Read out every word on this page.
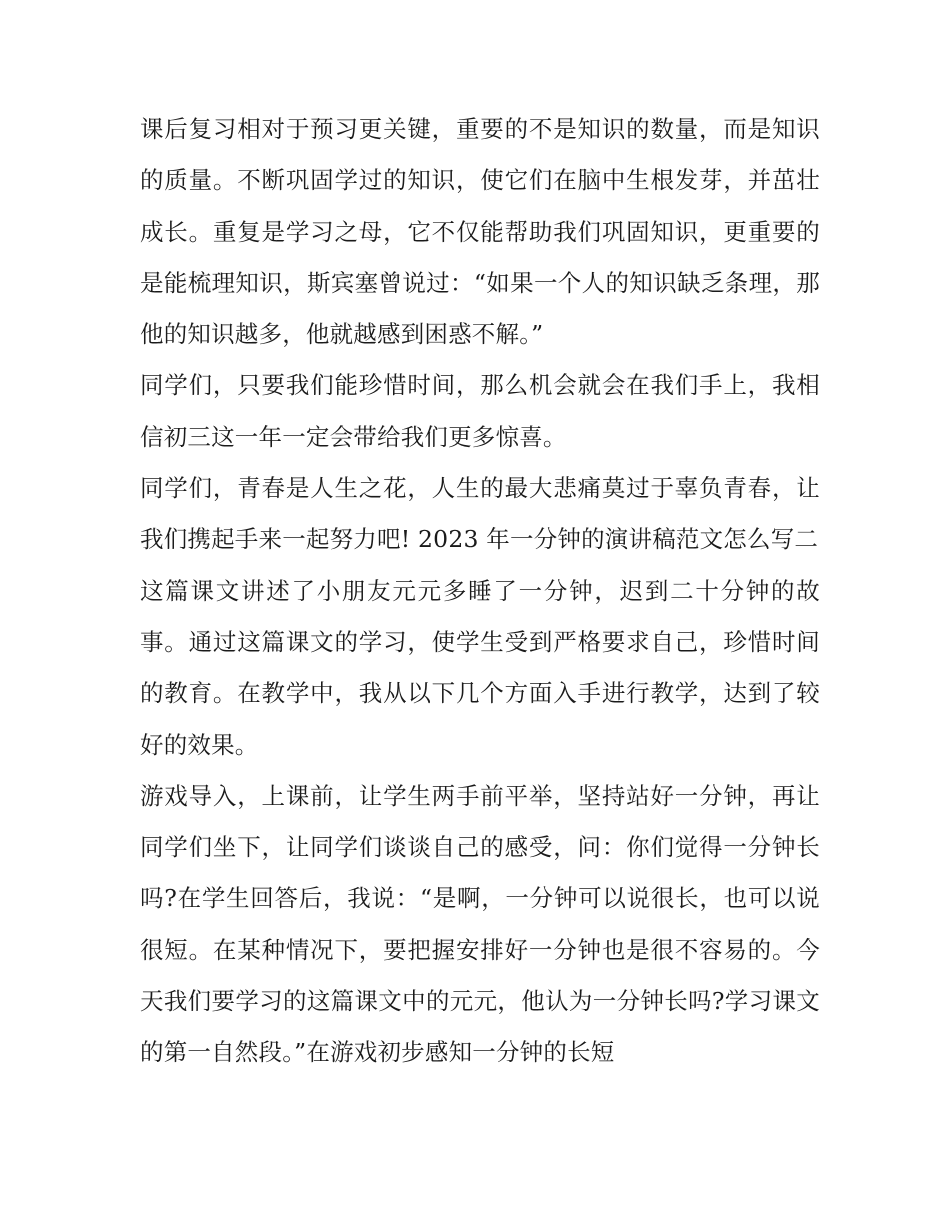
课后复习相对于预习更关键，重要的不是知识的数量，而是知识的质量。不断巩固学过的知识，使它们在脑中生根发芽，并茁壮成长。重复是学习之母，它不仅能帮助我们巩固知识，更重要的是能梳理知识，斯宾塞曾说过：“如果一个人的知识缺乏条理，那他的知识越多，他就越感到困惑不解。”

同学们，只要我们能珍惜时间，那么机会就会在我们手上，我相信初三这一年一定会带给我们更多惊喜。

同学们，青春是人生之花，人生的最大悲痛莫过于辜负青春，让我们携起手来一起努力吧! 2023 年一分钟的演讲稿范文怎么写二

这篇课文讲述了小朋友元元多睡了一分钟，迟到二十分钟的故事。通过这篇课文的学习，使学生受到严格要求自己，珍惜时间的教育。在教学中，我从以下几个方面入手进行教学，达到了较好的效果。

游戏导入，上课前，让学生两手前平举，坚持站好一分钟，再让同学们坐下，让同学们谈谈自己的感受，问：你们觉得一分钟长吗?在学生回答后，我说：“是啊，一分钟可以说很长，也可以说很短。在某种情况下，要把握安排好一分钟也是很不容易的。今天我们要学习的这篇课文中的元元，他认为一分钟长吗?学习课文的第一自然段。”在游戏初步感知一分钟的长短
